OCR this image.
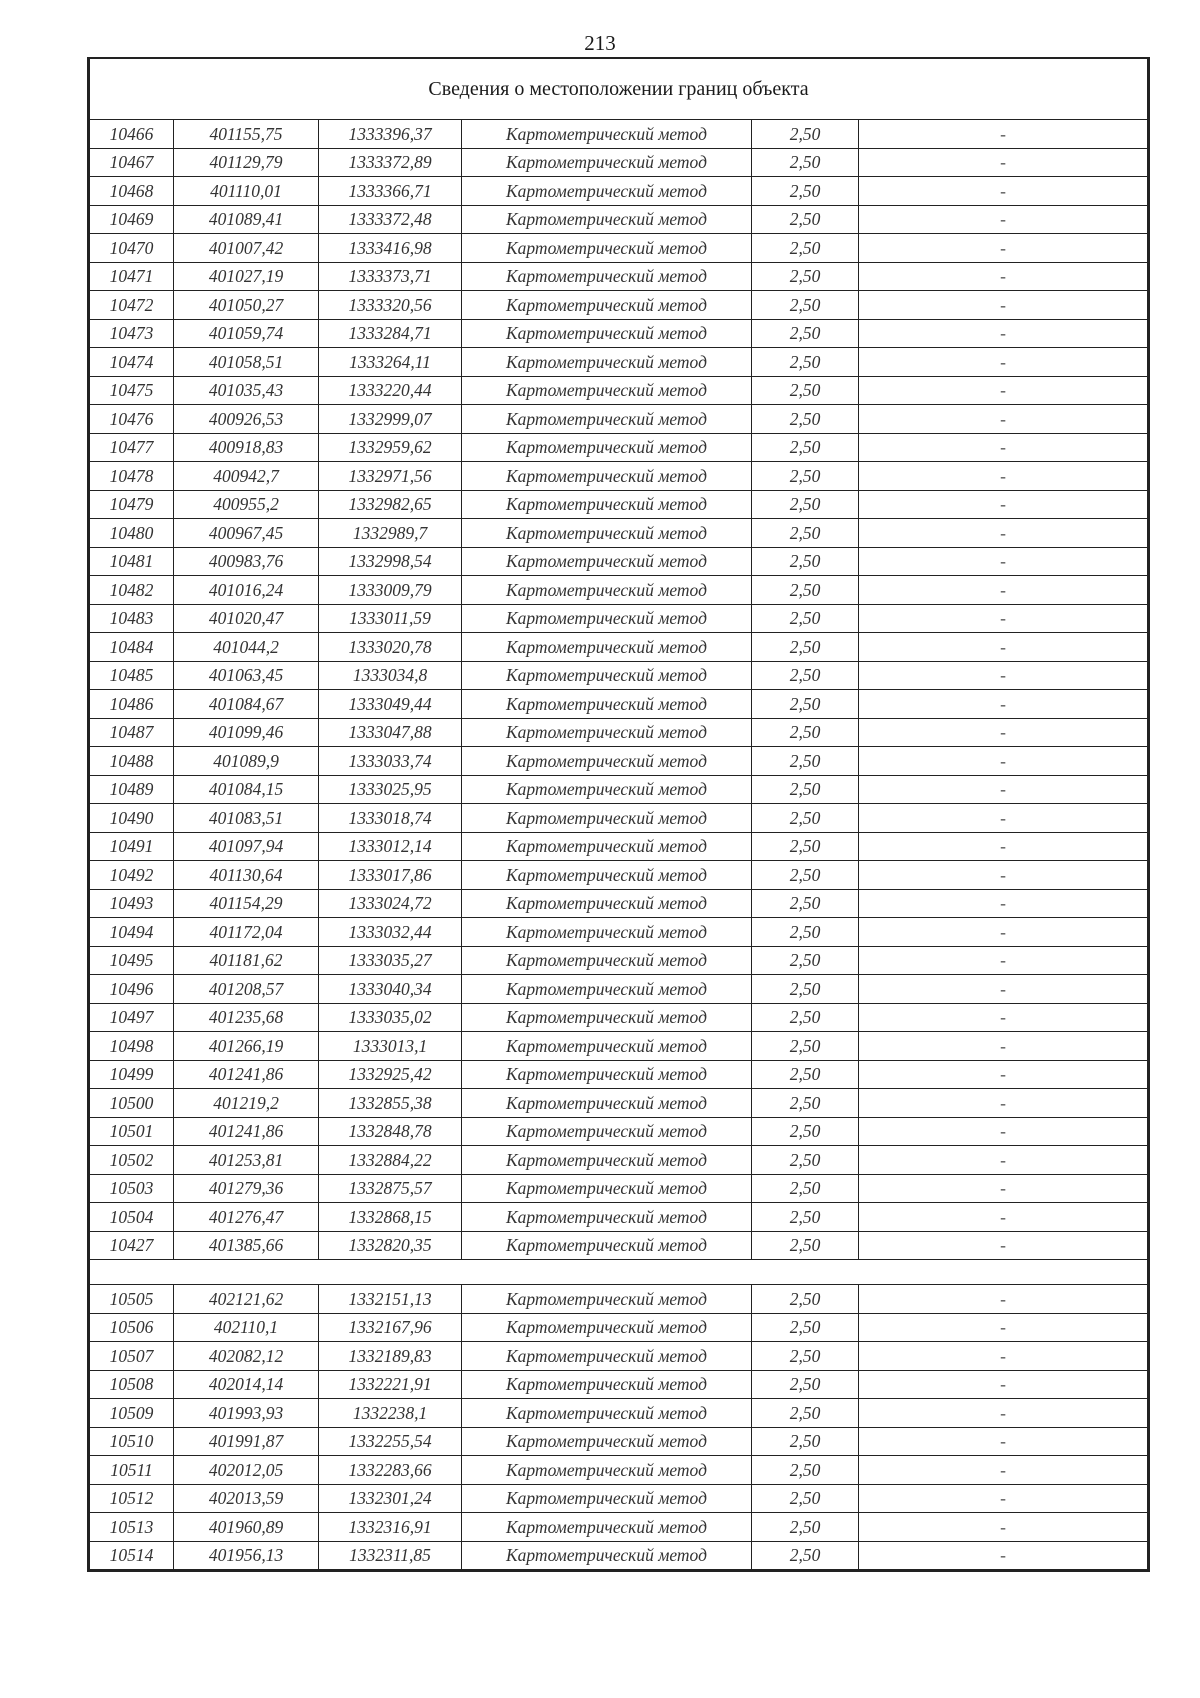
213
Сведения о местоположении границ объекта					
10466	401155,75	1333396,37	Картометрический метод	2,50	-
10467	401129,79	1333372,89	Картометрический метод	2,50	-
10468	401110,01	1333366,71	Картометрический метод	2,50	-
10469	401089,41	1333372,48	Картометрический метод	2,50	-
10470	401007,42	1333416,98	Картометрический метод	2,50	-
10471	401027,19	1333373,71	Картометрический метод	2,50	-
10472	401050,27	1333320,56	Картометрический метод	2,50	-
10473	401059,74	1333284,71	Картометрический метод	2,50	-
10474	401058,51	1333264,11	Картометрический метод	2,50	-
10475	401035,43	1333220,44	Картометрический метод	2,50	-
10476	400926,53	1332999,07	Картометрический метод	2,50	-
10477	400918,83	1332959,62	Картометрический метод	2,50	-
10478	400942,7	1332971,56	Картометрический метод	2,50	-
10479	400955,2	1332982,65	Картометрический метод	2,50	-
10480	400967,45	1332989,7	Картометрический метод	2,50	-
10481	400983,76	1332998,54	Картометрический метод	2,50	-
10482	401016,24	1333009,79	Картометрический метод	2,50	-
10483	401020,47	1333011,59	Картометрический метод	2,50	-
10484	401044,2	1333020,78	Картометрический метод	2,50	-
10485	401063,45	1333034,8	Картометрический метод	2,50	-
10486	401084,67	1333049,44	Картометрический метод	2,50	-
10487	401099,46	1333047,88	Картометрический метод	2,50	-
10488	401089,9	1333033,74	Картометрический метод	2,50	-
10489	401084,15	1333025,95	Картометрический метод	2,50	-
10490	401083,51	1333018,74	Картометрический метод	2,50	-
10491	401097,94	1333012,14	Картометрический метод	2,50	-
10492	401130,64	1333017,86	Картометрический метод	2,50	-
10493	401154,29	1333024,72	Картометрический метод	2,50	-
10494	401172,04	1333032,44	Картометрический метод	2,50	-
10495	401181,62	1333035,27	Картометрический метод	2,50	-
10496	401208,57	1333040,34	Картометрический метод	2,50	-
10497	401235,68	1333035,02	Картометрический метод	2,50	-
10498	401266,19	1333013,1	Картометрический метод	2,50	-
10499	401241,86	1332925,42	Картометрический метод	2,50	-
10500	401219,2	1332855,38	Картометрический метод	2,50	-
10501	401241,86	1332848,78	Картометрический метод	2,50	-
10502	401253,81	1332884,22	Картометрический метод	2,50	-
10503	401279,36	1332875,57	Картометрический метод	2,50	-
10504	401276,47	1332868,15	Картометрический метод	2,50	-
10427	401385,66	1332820,35	Картометрический метод	2,50	-

10505	402121,62	1332151,13	Картометрический метод	2,50	-
10506	402110,1	1332167,96	Картометрический метод	2,50	-
10507	402082,12	1332189,83	Картометрический метод	2,50	-
10508	402014,14	1332221,91	Картометрический метод	2,50	-
10509	401993,93	1332238,1	Картометрический метод	2,50	-
10510	401991,87	1332255,54	Картометрический метод	2,50	-
10511	402012,05	1332283,66	Картометрический метод	2,50	-
10512	402013,59	1332301,24	Картометрический метод	2,50	-
10513	401960,89	1332316,91	Картометрический метод	2,50	-
10514	401956,13	1332311,85	Картометрический метод	2,50	-
